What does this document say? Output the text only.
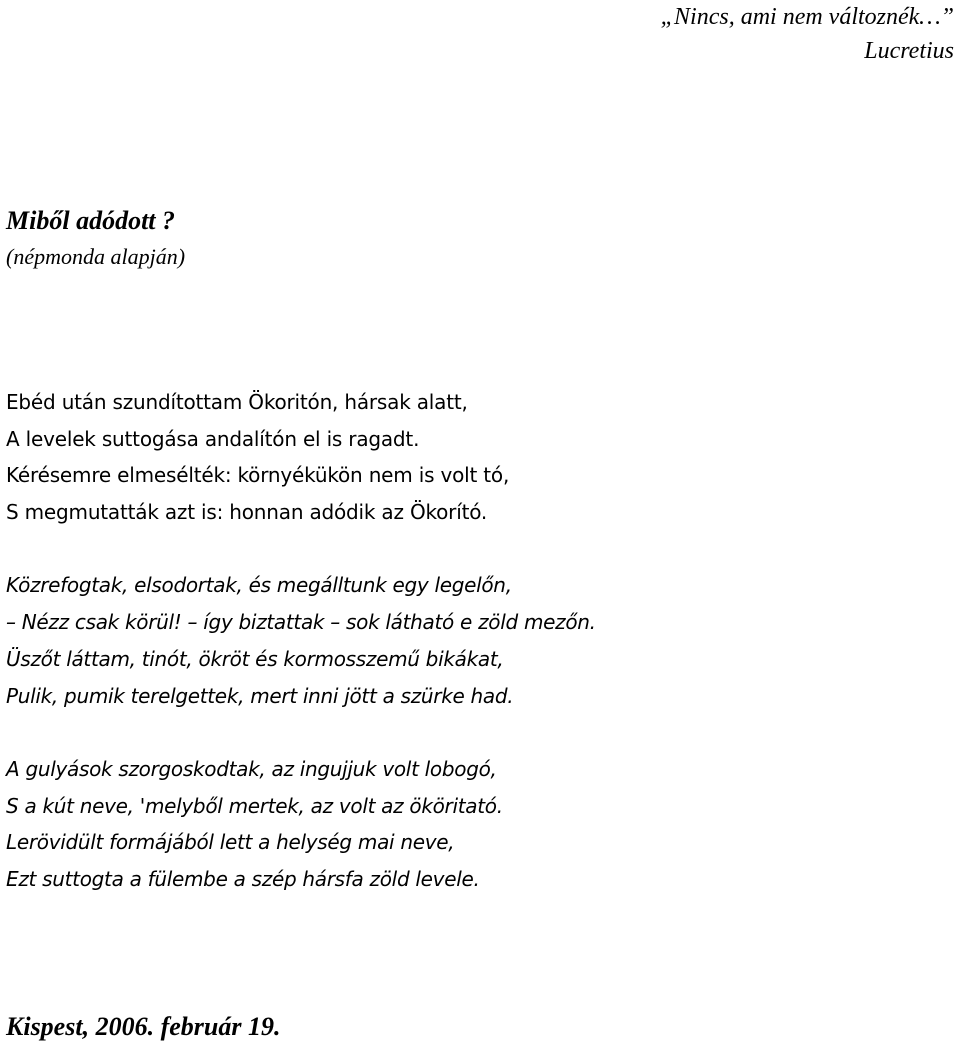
„Nincs, ami nem változnék…”
Lucretius
Miből adódott ?
(népmonda alapján)
Ebéd után szundítottam Ökoritón, hársak alatt,
A levelek suttogása andalítón el is ragadt.
Kérésemre elmesélték: környékükön nem is volt tó,
S megmutatták azt is: honnan adódik az Ökorító.
Közrefogtak, elsodortak, és megálltunk egy legelőn,
– Nézz csak körül! – így biztattak – sok látható e zöld mezőn.
Üszőt láttam, tinót, ökröt és kormosszemű bikákat,
Pulik, pumik terelgettek, mert inni jött a szürke had.
A gulyások szorgoskodtak, az ingujjuk volt lobogó,
S a kút neve, 'melyből mertek, az volt az ököritató.
Lerövidült formájából lett a helység mai neve,
Ezt suttogta a fülembe a szép hársfa zöld levele.
Kispest, 2006. február 19.
